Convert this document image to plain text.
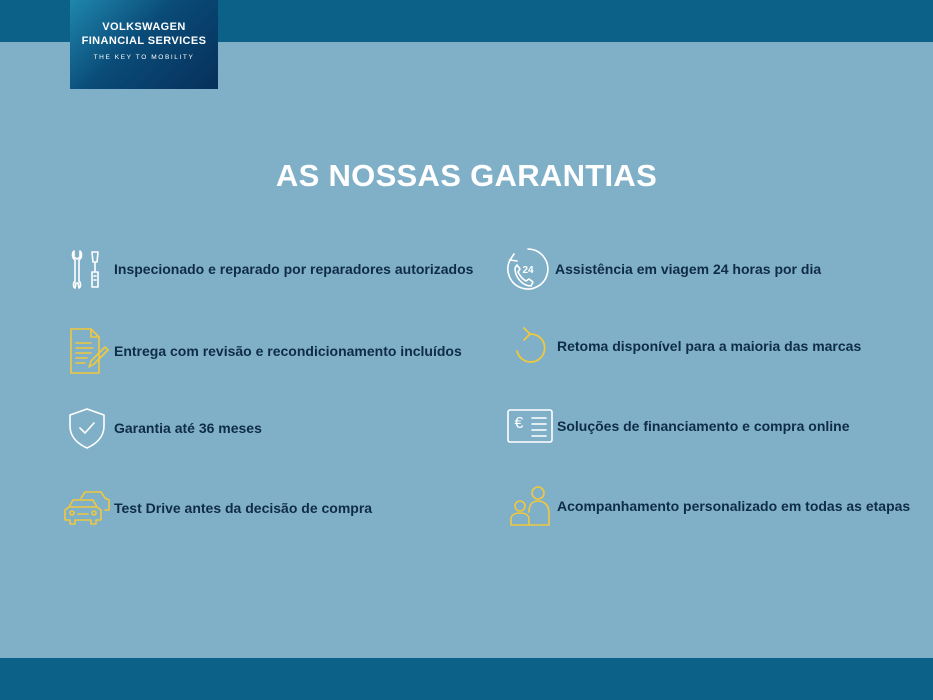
VOLKSWAGEN
FINANCIAL SERVICES
THE KEY TO MOBILITY
AS NOSSAS GARANTIAS
Inspecionado e reparado por reparadores autorizados
Entrega com revisão e recondicionamento incluídos
Garantia até 36 meses
Test Drive antes da decisão de compra
24 Assistência em viagem 24 horas por dia
Retoma disponível para a maioria das marcas
€ Soluções de financiamento e compra online
Acompanhamento personalizado em todas as etapas
